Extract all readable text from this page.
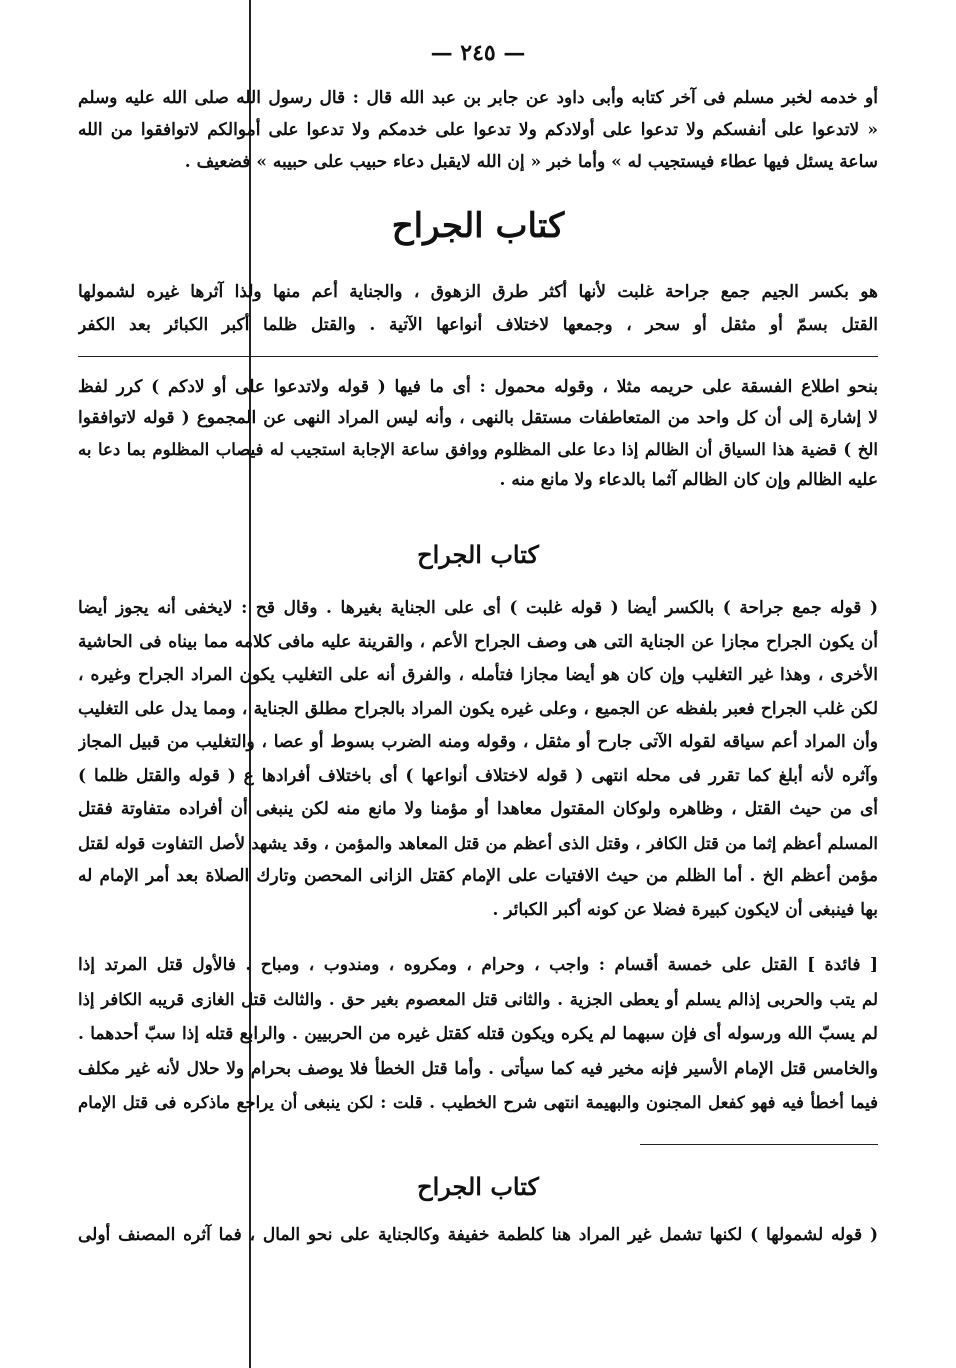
— ٢٤٥ —
أو خدمه لخبر مسلم فى آخر كتابه وأبى داود عن جابر بن عبد الله قال : قال رسول الله صلى الله عليه وسلم
« لاتدعوا على أنفسكم ولا تدعوا على أولادكم ولا تدعوا على خدمكم ولا تدعوا على أموالكم لاتوافقوا من الله
ساعة يسئل فيها عطاء فيستجيب له » وأما خبر « إن الله لايقبل دعاء حبيب على حبيبه » فضعيف .
كتاب الجراح
هو بكسر الجيم جمع جراحة غلبت لأنها أكثر طرق الزهوق ، والجناية أعم منها ولذا آثرها غيره لشمولها
القتل بسمّ أو مثقل أو سحر ، وجمعها لاختلاف أنواعها الآتية . والقتل ظلما أكبر الكبائر بعد الكفر
بنحو اطلاع الفسقة على حريمه مثلا ، وقوله محمول : أى ما فيها ( قوله ولاتدعوا على أو لادكم ) كرر لفظ
لا إشارة إلى أن كل واحد من المتعاطفات مستقل بالنهى ، وأنه ليس المراد النهى عن المجموع ( قوله لاتوافقوا
الخ ) قضية هذا السياق أن الظالم إذا دعا على المظلوم ووافق ساعة الإجابة استجيب له فيصاب المظلوم بما دعا به
عليه الظالم وإن كان الظالم آثما بالدعاء ولا مانع منه .
كتاب الجراح
( قوله جمع جراحة ) بالكسر أيضا ( قوله غلبت ) أى على الجناية بغيرها . وقال قح : لايخفى أنه يجوز أيضا
أن يكون الجراح مجازا عن الجناية التى هى وصف الجراح الأعم ، والقرينة عليه مافى كلامه مما بيناه فى الحاشية
الأخرى ، وهذا غير التغليب وإن كان هو أيضا مجازا فتأمله ، والفرق أنه على التغليب يكون المراد الجراح وغيره ،
لكن غلب الجراح فعبر بلفظه عن الجميع ، وعلى غيره يكون المراد بالجراح مطلق الجناية ، ومما يدل على التغليب
وأن المراد أعم سياقه لقوله الآتى جارح أو مثقل ، وقوله ومنه الضرب بسوط أو عصا ، والتغليب من قبيل المجاز
وآثره لأنه أبلغ كما تقرر فى محله انتهى ( قوله لاختلاف أنواعها ) أى باختلاف أفرادها ع ( قوله والقتل ظلما )
أى من حيث القتل ، وظاهره ولوكان المقتول معاهدا أو مؤمنا ولا مانع منه لكن ينبغى أن أفراده متفاوتة فقتل
المسلم أعظم إثما من قتل الكافر ، وقتل الذى أعظم من قتل المعاهد والمؤمن ، وقد يشهد لأصل التفاوت قوله لقتل
مؤمن أعظم الخ . أما الظلم من حيث الافتيات على الإمام كقتل الزانى المحصن وتارك الصلاة بعد أمر الإمام له
بها فينبغى أن لايكون كبيرة فضلا عن كونه أكبر الكبائر .
[ فائدة ] القتل على خمسة أقسام : واجب ، وحرام ، ومكروه ، ومندوب ، ومباح . فالأول قتل المرتد إذا
لم يتب والحربى إذالم يسلم أو يعطى الجزية . والثانى قتل المعصوم بغير حق . والثالث قتل الغازى قريبه الكافر إذا
لم يسبّ الله ورسوله أى فإن سبهما لم يكره ويكون قتله كقتل غيره من الحربيين . والرابع قتله إذا سبّ أحدهما .
والخامس قتل الإمام الأسير فإنه مخير فيه كما سيأتى . وأما قتل الخطأ فلا يوصف بحرام ولا حلال لأنه غير مكلف
فيما أخطأ فيه فهو كفعل المجنون والبهيمة انتهى شرح الخطيب . قلت : لكن ينبغى أن يراجع ماذكره فى قتل الإمام
كتاب الجراح
( قوله لشمولها ) لكنها تشمل غير المراد هنا كلطمة خفيفة وكالجناية على نحو المال ، فما آثره المصنف أولى
